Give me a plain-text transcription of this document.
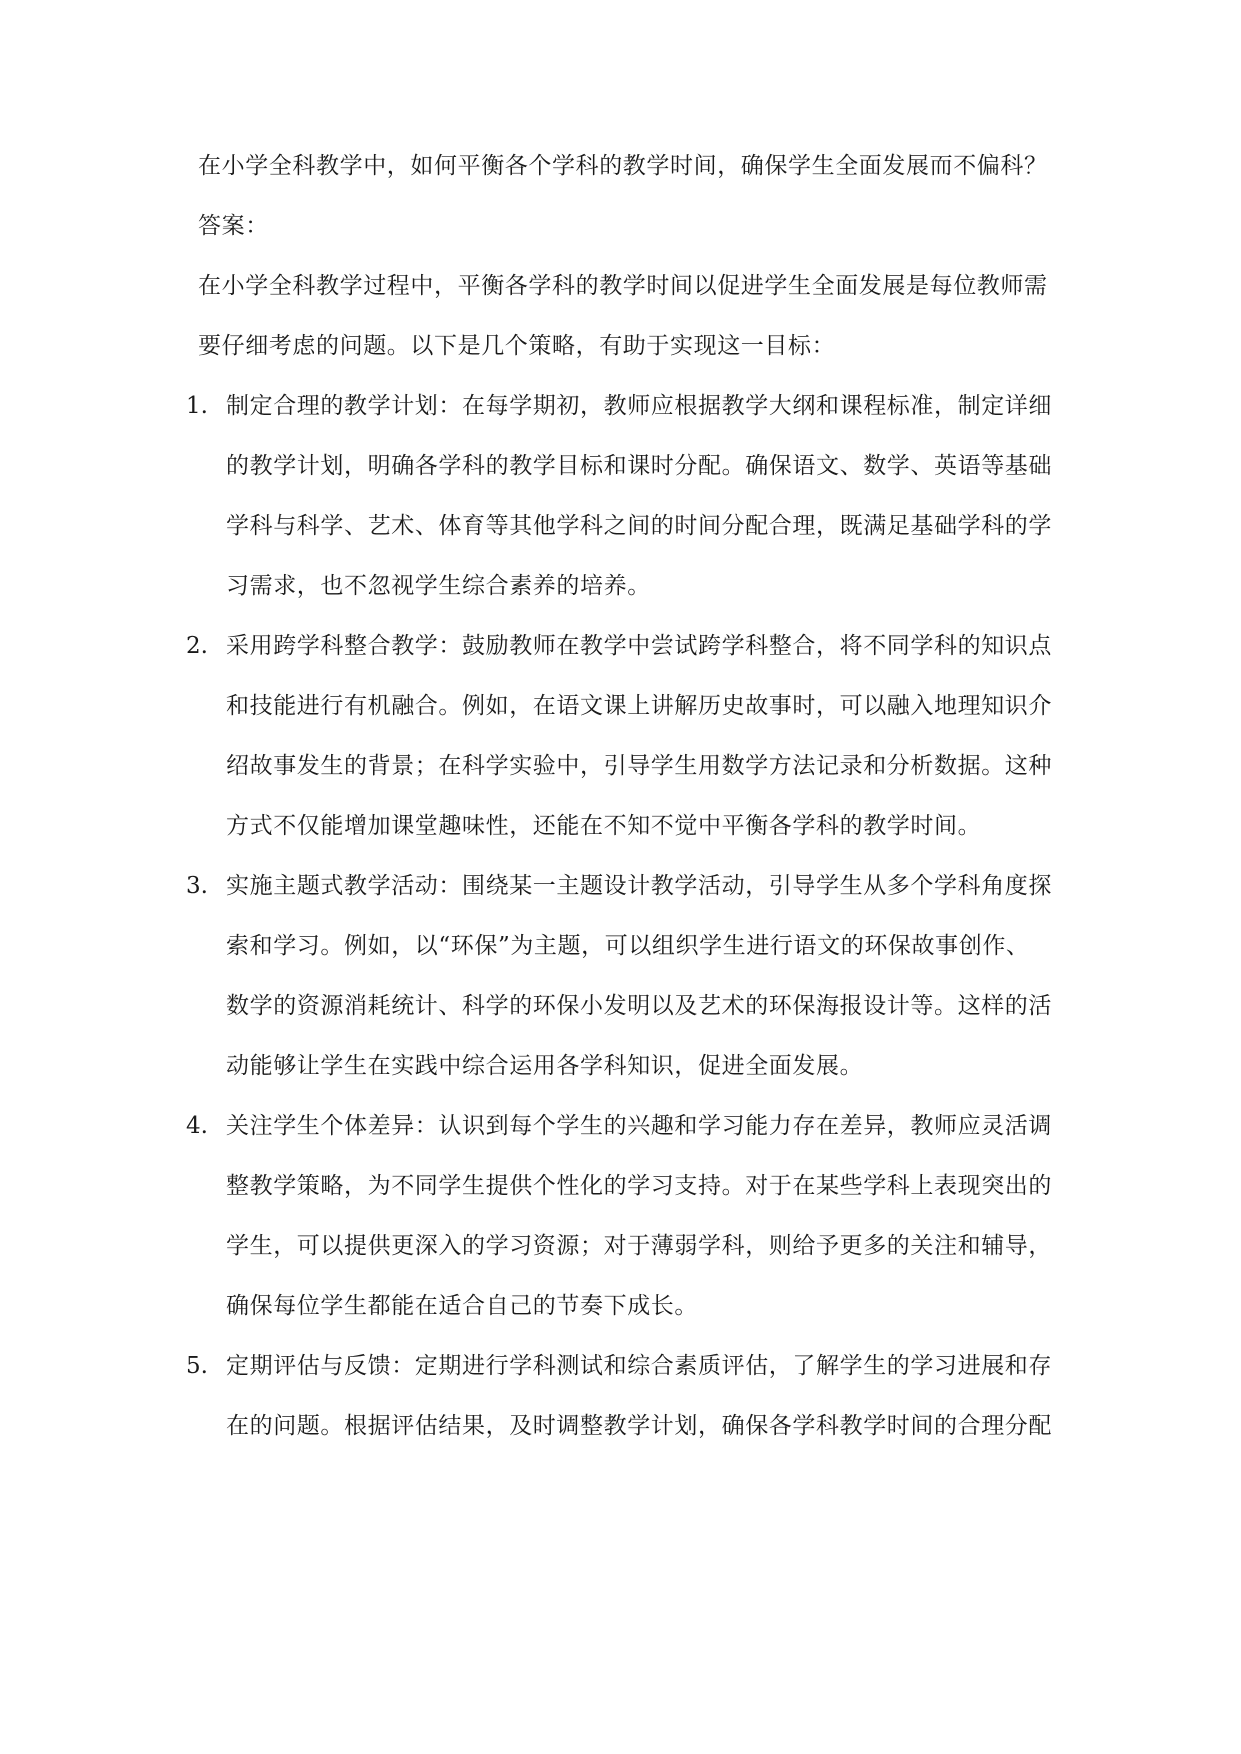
在小学全科教学中，如何平衡各个学科的教学时间，确保学生全面发展而不偏科？
答案：
在小学全科教学过程中，平衡各学科的教学时间以促进学生全面发展是每位教师需
要仔细考虑的问题。以下是几个策略，有助于实现这一目标：
1. 制定合理的教学计划：在每学期初，教师应根据教学大纲和课程标准，制定详细
的教学计划，明确各学科的教学目标和课时分配。确保语文、数学、英语等基础
学科与科学、艺术、体育等其他学科之间的时间分配合理，既满足基础学科的学
习需求，也不忽视学生综合素养的培养。
2. 采用跨学科整合教学：鼓励教师在教学中尝试跨学科整合，将不同学科的知识点
和技能进行有机融合。例如，在语文课上讲解历史故事时，可以融入地理知识介
绍故事发生的背景；在科学实验中，引导学生用数学方法记录和分析数据。这种
方式不仅能增加课堂趣味性，还能在不知不觉中平衡各学科的教学时间。
3. 实施主题式教学活动：围绕某一主题设计教学活动，引导学生从多个学科角度探
索和学习。例如，以“环保”为主题，可以组织学生进行语文的环保故事创作、
数学的资源消耗统计、科学的环保小发明以及艺术的环保海报设计等。这样的活
动能够让学生在实践中综合运用各学科知识，促进全面发展。
4. 关注学生个体差异：认识到每个学生的兴趣和学习能力存在差异，教师应灵活调
整教学策略，为不同学生提供个性化的学习支持。对于在某些学科上表现突出的
学生，可以提供更深入的学习资源；对于薄弱学科，则给予更多的关注和辅导，
确保每位学生都能在适合自己的节奏下成长。
5. 定期评估与反馈：定期进行学科测试和综合素质评估，了解学生的学习进展和存
在的问题。根据评估结果，及时调整教学计划，确保各学科教学时间的合理分配
